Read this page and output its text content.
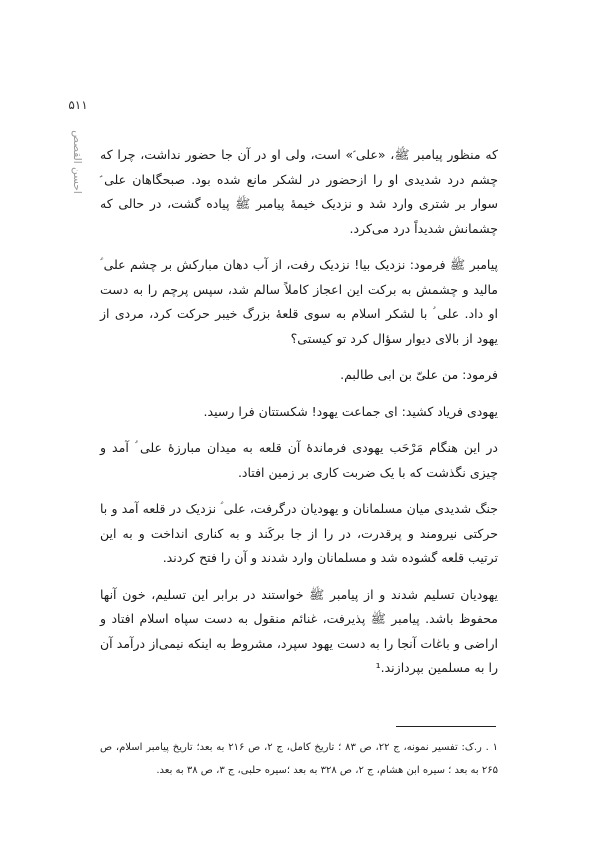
۵۱۱
احسن القصص که منظور پیامبر ﷺ، «علی ؑ» است، ولی او در آن جا حضور نداشت، چرا که چشم درد شدیدی او را ازحضور در لشکر مانع شده بود. صبحگاهان علی ؑ سوار بر شتری وارد شد و نزدیک خیمهٔ پیامبر ﷺ پیاده گشت، در حالی که چشمانش شدیداً درد می‌کرد.

پیامبر ﷺ فرمود: نزدیک بیا! نزدیک رفت، از آب دهان مبارکش بر چشم علی ؑ مالید و چشمش به برکت این اعجاز کاملاً سالم شد، سپس پرچم را به دست او داد. علی ؑ با لشکر اسلام به سوی قلعهٔ بزرگ خیبر حرکت کرد، مردی از یهود از بالای دیوار سؤال کرد تو کیستی؟

فرمود: من علیّ بن ابی طالبم.

یهودی فریاد کشید: ای جماعت یهود! شکستتان فرا رسید.

در این هنگام مَرْحَب یهودی فرماندهٔ آن قلعه به میدان مبارزهٔ علی ؑ آمد و چیزی نگذشت که با یک ضربت کاری بر زمین افتاد.

جنگ شدیدی میان مسلمانان و یهودیان درگرفت، علی ؑ نزدیک در قلعه آمد و با حرکتی نیرومند و پرقدرت، در را از جا برکَند و به کناری انداخت و به این ترتیب قلعه گشوده شد و مسلمانان وارد شدند و آن را فتح کردند.

یهودیان تسلیم شدند و از پیامبر ﷺ خواستند در برابر این تسلیم، خون آنها محفوظ باشد. پیامبر ﷺ پذیرفت، غنائم منقول به دست سپاه اسلام افتاد و اراضی و باغات آنجا را به دست یهود سپرد، مشروط به اینکه نیمی‌از درآمد آن را به مسلمین بپردازند.¹

۱ . ر.ک: تفسیر نمونه، ج ۲۲، ص ۸۳ ؛ تاریخ کامل، ج ۲، ص ۲۱۶ به بعد؛ تاریخ پیامبر اسلام، ص ۲۶۵ به بعد ؛ سیره ابن هشام، ج ۲، ص ۳۲۸ به بعد ؛سیره حلبی، ج ۳، ص ۳۸ به بعد.
